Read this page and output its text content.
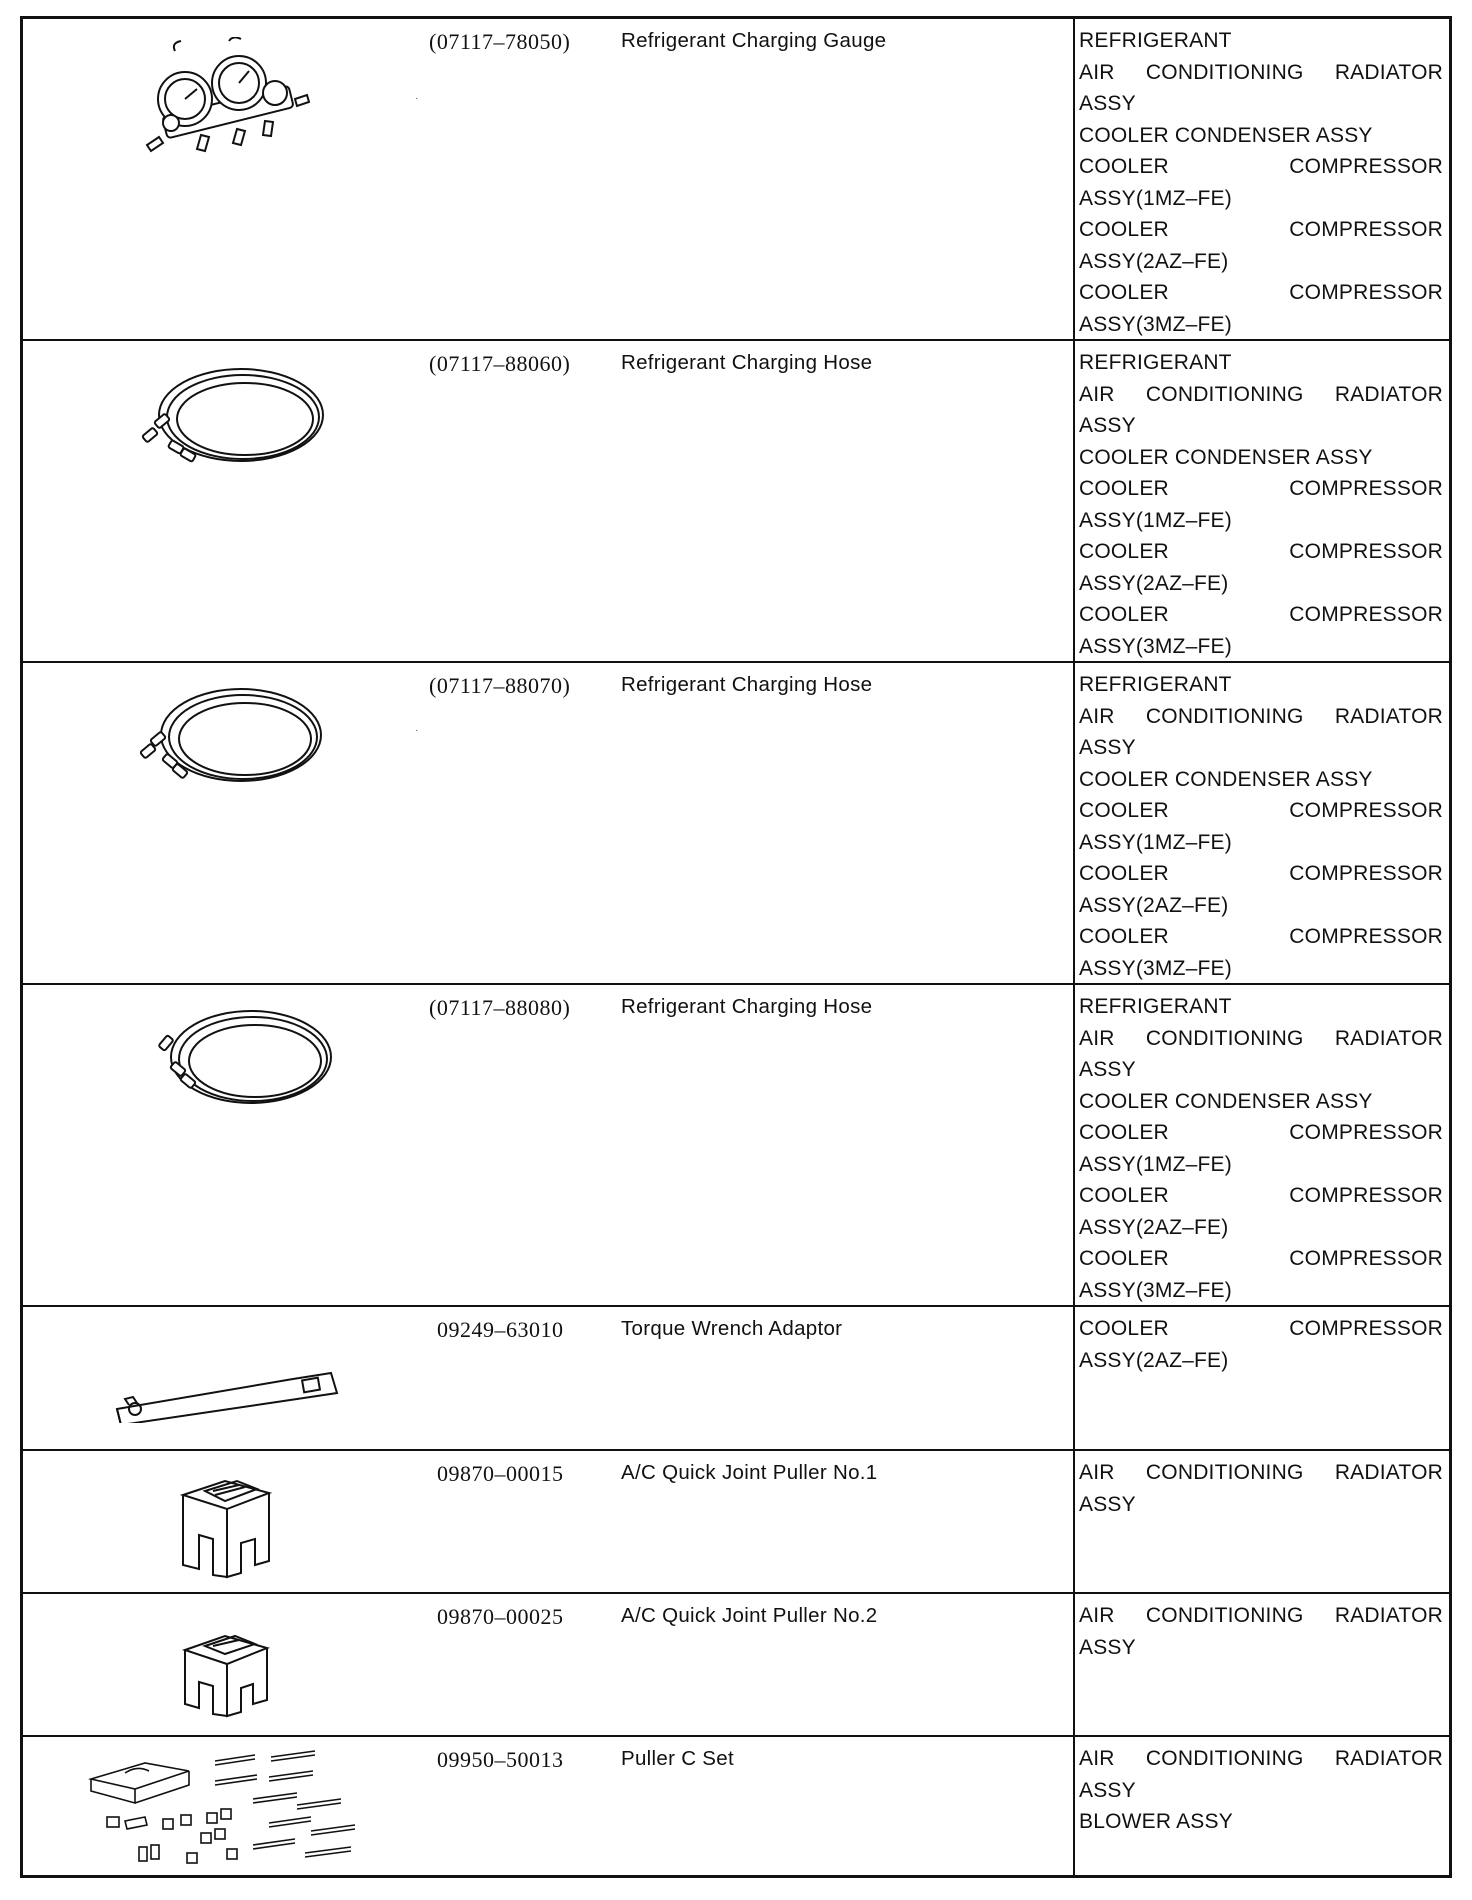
·
(07117–78050) Refrigerant Charging Gauge	REFRIGERANT
AIR CONDITIONING RADIATOR
ASSY
COOLER CONDENSER ASSY
COOLER COMPRESSOR
ASSY(1MZ–FE)
COOLER COMPRESSOR
ASSY(2AZ–FE)
COOLER COMPRESSOR
ASSY(3MZ–FE)
(07117–88060) Refrigerant Charging Hose	REFRIGERANT
AIR CONDITIONING RADIATOR
ASSY
COOLER CONDENSER ASSY
COOLER COMPRESSOR
ASSY(1MZ–FE)
COOLER COMPRESSOR
ASSY(2AZ–FE)
COOLER COMPRESSOR
ASSY(3MZ–FE)
·
(07117–88070) Refrigerant Charging Hose	REFRIGERANT
AIR CONDITIONING RADIATOR
ASSY
COOLER CONDENSER ASSY
COOLER COMPRESSOR
ASSY(1MZ–FE)
COOLER COMPRESSOR
ASSY(2AZ–FE)
COOLER COMPRESSOR
ASSY(3MZ–FE)
(07117–88080) Refrigerant Charging Hose	REFRIGERANT
AIR CONDITIONING RADIATOR
ASSY
COOLER CONDENSER ASSY
COOLER COMPRESSOR
ASSY(1MZ–FE)
COOLER COMPRESSOR
ASSY(2AZ–FE)
COOLER COMPRESSOR
ASSY(3MZ–FE)
09249–63010	Torque Wrench Adaptor	COOLER COMPRESSOR
ASSY(2AZ–FE)
09870–00015	A/C Quick Joint Puller No.1	AIR CONDITIONING RADIATOR
ASSY
09870–00025	A/C Quick Joint Puller No.2	AIR CONDITIONING RADIATOR
ASSY
09950–50013	Puller C Set	AIR CONDITIONING RADIATOR
ASSY
BLOWER ASSY
